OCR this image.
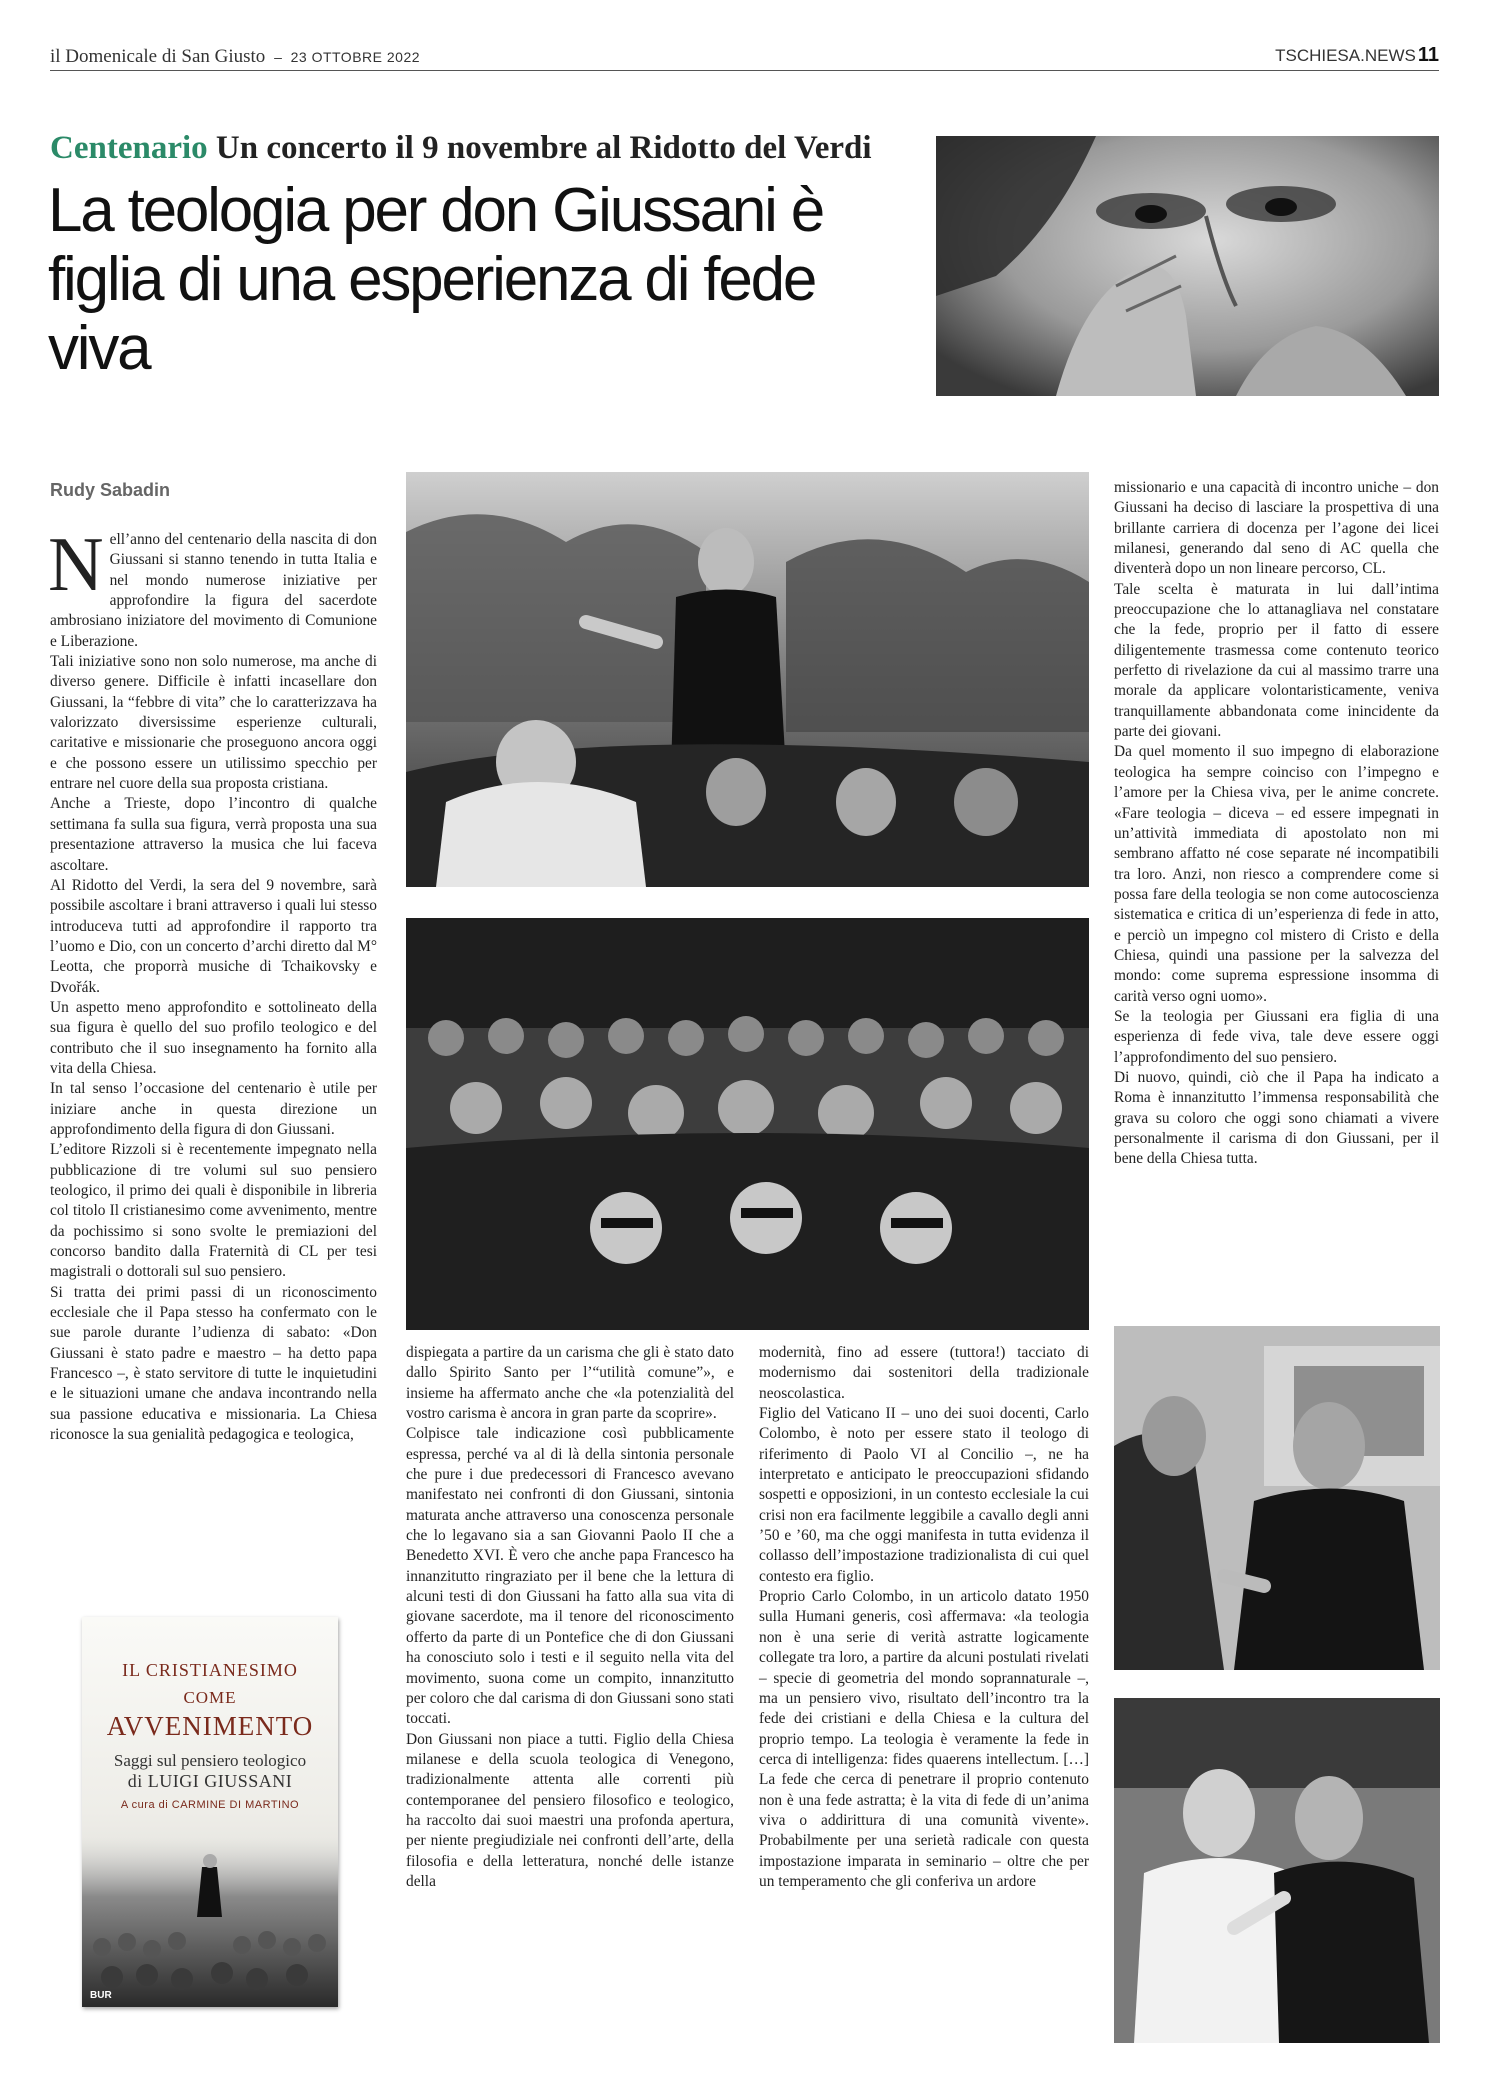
il Domenicale di San Giusto – 23 OTTOBRE 2022	TSCHIESA.NEWS 11
Centenario Un concerto il 9 novembre al Ridotto del Verdi
La teologia per don Giussani è figlia di una esperienza di fede viva
Rudy Sabadin

Nell’anno del centenario della nascita di don Giussani si stanno tenendo in tutta Italia e nel mondo numerose iniziative per approfondire la figura del sacerdote ambrosiano iniziatore del movimento di Comunione e Liberazione.

Tali iniziative sono non solo numerose, ma anche di diverso genere. Difficile è infatti incasellare don Giussani, la “febbre di vita” che lo caratterizzava ha valorizzato diversissime esperienze culturali, caritative e missionarie che proseguono ancora oggi e che possono essere un utilissimo specchio per entrare nel cuore della sua proposta cristiana.

Anche a Trieste, dopo l’incontro di qualche settimana fa sulla sua figura, verrà proposta una sua presentazione attraverso la musica che lui faceva ascoltare.

Al Ridotto del Verdi, la sera del 9 novembre, sarà possibile ascoltare i brani attraverso i quali lui stesso introduceva tutti ad approfondire il rapporto tra l’uomo e Dio, con un concerto d’archi diretto dal M° Leotta, che proporrà musiche di Tchaikovsky e Dvořák.

Un aspetto meno approfondito e sottolineato della sua figura è quello del suo profilo teologico e del contributo che il suo insegnamento ha fornito alla vita della Chiesa.

In tal senso l’occasione del centenario è utile per iniziare anche in questa direzione un approfondimento della figura di don Giussani.

L’editore Rizzoli si è recentemente impegnato nella pubblicazione di tre volumi sul suo pensiero teologico, il primo dei quali è disponibile in libreria col titolo Il cristianesimo come avvenimento, mentre da pochissimo si sono svolte le premiazioni del concorso bandito dalla Fraternità di CL per tesi magistrali o dottorali sul suo pensiero.

Si tratta dei primi passi di un riconoscimento ecclesiale che il Papa stesso ha confermato con le sue parole durante l’udienza di sabato: «Don Giussani è stato padre e maestro – ha detto papa Francesco –, è stato servitore di tutte le inquietudini e le situazioni umane che andava incontrando nella sua passione educativa e missionaria. La Chiesa riconosce la sua genialità pedagogica e teologica,

dispiegata a partire da un carisma che gli è stato dato dallo Spirito Santo per l’“utilità comune”», e insieme ha affermato anche che «la potenzialità del vostro carisma è ancora in gran parte da scoprire».

Colpisce tale indicazione così pubblicamente espressa, perché va al di là della sintonia personale che pure i due predecessori di Francesco avevano manifestato nei confronti di don Giussani, sintonia maturata anche attraverso una conoscenza personale che lo legavano sia a san Giovanni Paolo II che a Benedetto XVI. È vero che anche papa Francesco ha innanzitutto ringraziato per il bene che la lettura di alcuni testi di don Giussani ha fatto alla sua vita di giovane sacerdote, ma il tenore del riconoscimento offerto da parte di un Pontefice che di don Giussani ha conosciuto solo i testi e il seguito nella vita del movimento, suona come un compito, innanzitutto per coloro che dal carisma di don Giussani sono stati toccati.

Don Giussani non piace a tutti. Figlio della Chiesa milanese e della scuola teologica di Venegono, tradizionalmente attenta alle correnti più contemporanee del pensiero filosofico e teologico, ha raccolto dai suoi maestri una profonda apertura, per niente pregiudiziale nei confronti dell’arte, della filosofia e della letteratura, nonché delle istanze della

modernità, fino ad essere (tuttora!) tacciato di modernismo dai sostenitori della tradizionale neoscolastica.

Figlio del Vaticano II – uno dei suoi docenti, Carlo Colombo, è noto per essere stato il teologo di riferimento di Paolo VI al Concilio –, ne ha interpretato e anticipato le preoccupazioni sfidando sospetti e opposizioni, in un contesto ecclesiale la cui crisi non era facilmente leggibile a cavallo degli anni ’50 e ’60, ma che oggi manifesta in tutta evidenza il collasso dell’impostazione tradizionalista di cui quel contesto era figlio.

Proprio Carlo Colombo, in un articolo datato 1950 sulla Humani generis, così affermava: «la teologia non è una serie di verità astratte logicamente collegate tra loro, a partire da alcuni postulati rivelati – specie di geometria del mondo soprannaturale –, ma un pensiero vivo, risultato dell’incontro tra la fede dei cristiani e della Chiesa e la cultura del proprio tempo. La teologia è veramente la fede in cerca di intelligenza: fides quaerens intellectum. […] La fede che cerca di penetrare il proprio contenuto non è una fede astratta; è la vita di fede di un’anima viva o addirittura di una comunità vivente». Probabilmente per una serietà radicale con questa impostazione imparata in seminario – oltre che per un temperamento che gli conferiva un ardore

missionario e una capacità di incontro uniche – don Giussani ha deciso di lasciare la prospettiva di una brillante carriera di docenza per l’agone dei licei milanesi, generando dal seno di AC quella che diventerà dopo un non lineare percorso, CL.

Tale scelta è maturata in lui dall’intima preoccupazione che lo attanagliava nel constatare che la fede, proprio per il fatto di essere diligentemente trasmessa come contenuto teorico perfetto di rivelazione da cui al massimo trarre una morale da applicare volontaristicamente, veniva tranquillamente abbandonata come inincidente da parte dei giovani.

Da quel momento il suo impegno di elaborazione teologica ha sempre coinciso con l’impegno e l’amore per la Chiesa viva, per le anime concrete. «Fare teologia – diceva – ed essere impegnati in un’attività immediata di apostolato non mi sembrano affatto né cose separate né incompatibili tra loro. Anzi, non riesco a comprendere come si possa fare della teologia se non come autocoscienza sistematica e critica di un’esperienza di fede in atto, e perciò un impegno col mistero di Cristo e della Chiesa, quindi una passione per la salvezza del mondo: come suprema espressione insomma di carità verso ogni uomo».

Se la teologia per Giussani era figlia di una esperienza di fede viva, tale deve essere oggi l’approfondimento del suo pensiero.

Di nuovo, quindi, ciò che il Papa ha indicato a Roma è innanzitutto l’immensa responsabilità che grava su coloro che oggi sono chiamati a vivere personalmente il carisma di don Giussani, per il bene della Chiesa tutta.

IL CRISTIANESIMO
COME
AVVENIMENTO
Saggi sul pensiero teologico
di LUIGI GIUSSANI
A cura di CARMINE DI MARTINO
BUR
